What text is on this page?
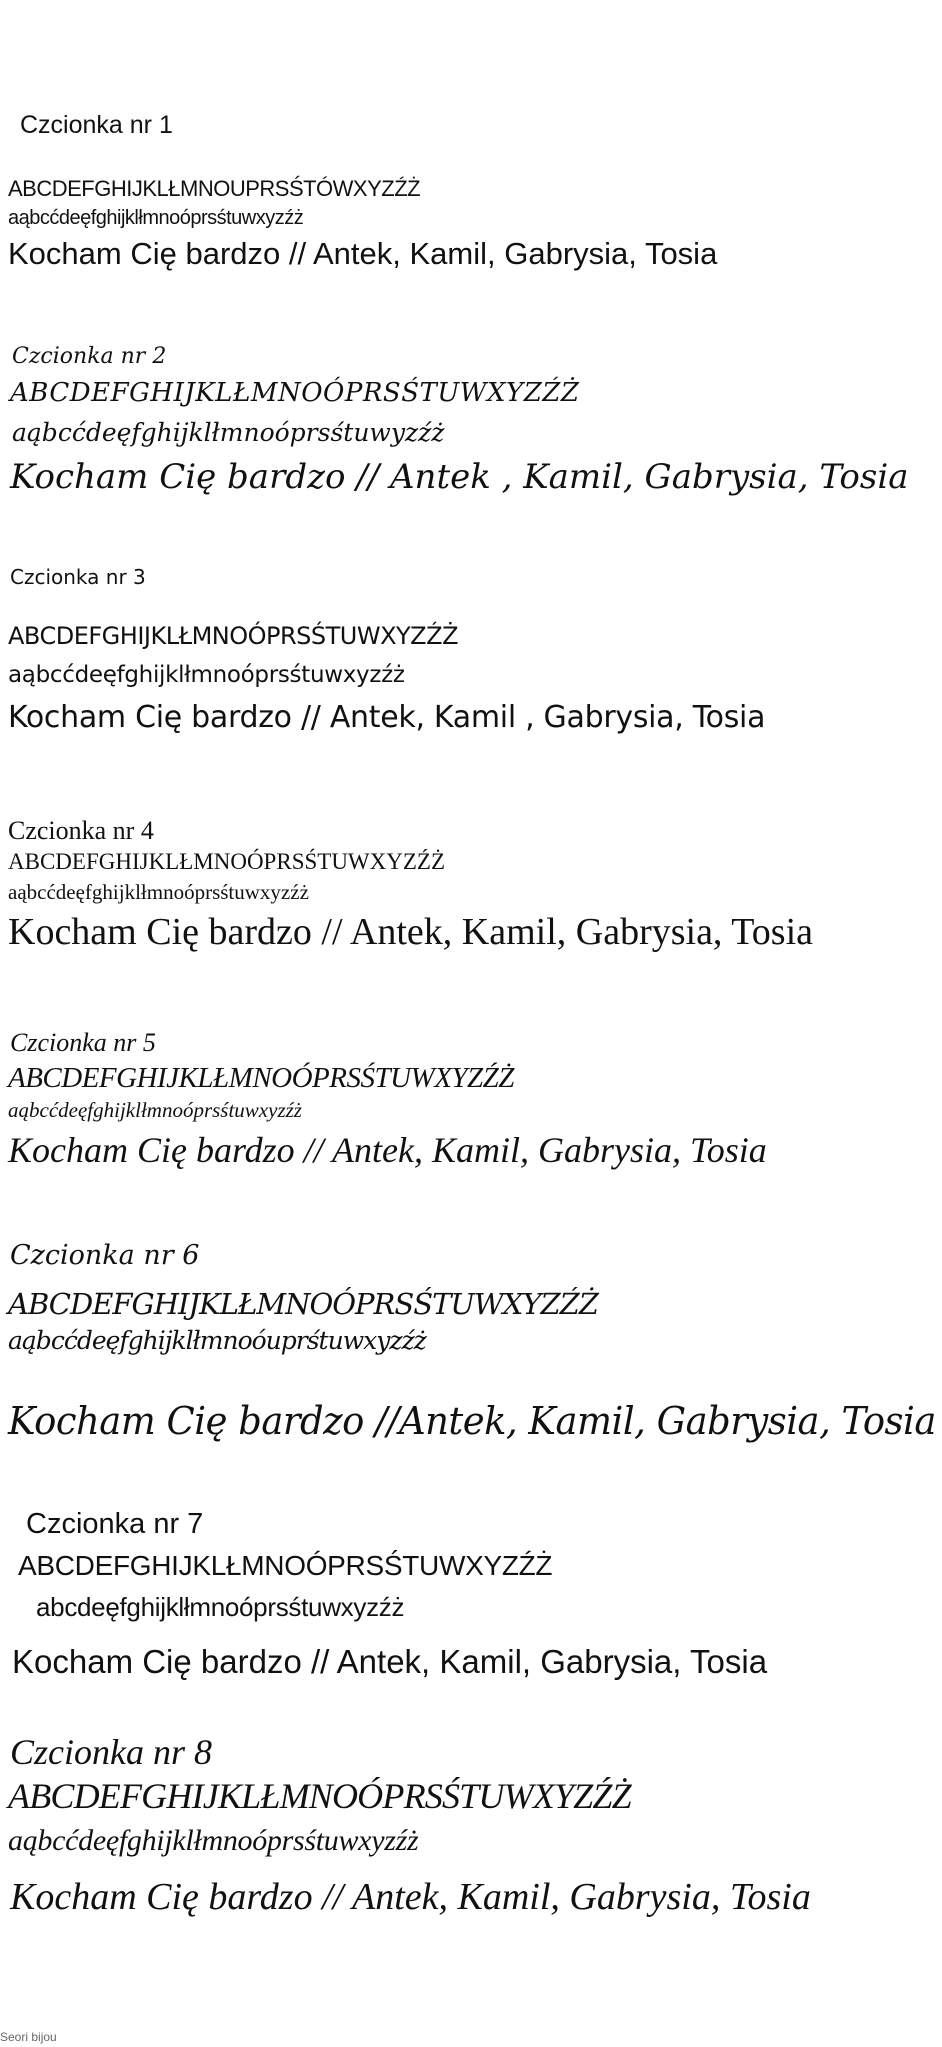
Czcionka nr 1
ABCDEFGHIJKLŁMNOUPRSŚTÓWXYZŹŻ
aąbcćdeęfghijklłmnoóprsśtuwxyzźż
Kocham Cię bardzo // Antek, Kamil, Gabrysia, Tosia
Czcionka nr 2
ABCDEFGHIJKLŁMNOÓPRSŚTUWXYZŹŻ
aąbcćdeęfghijklłmnoóprsśtuwyzźż
Kocham Cię bardzo // Antek , Kamil, Gabrysia, Tosia
Czcionka nr 3
ABCDEFGHIJKLŁMNOÓPRSŚTUWXYZŹŻ
aąbcćdeęfghijklłmnoóprsśtuwxyzźż
Kocham Cię bardzo // Antek, Kamil , Gabrysia, Tosia
Czcionka nr 4
ABCDEFGHIJKLŁMNOÓPRSŚTUWXYZŹŻ
aąbcćdeęfghijklłmnoóprsśtuwxyzźż
Kocham Cię bardzo // Antek, Kamil, Gabrysia, Tosia
Czcionka nr 5
ABCDEFGHIJKLŁMNOÓPRSŚTUWXYZŹŻ
aąbcćdeęfghijklłmnoóprsśtuwxyzźż
Kocham Cię bardzo // Antek, Kamil, Gabrysia, Tosia
Czcionka nr 6
ABCDEFGHIJKLŁMNOÓPRSŚTUWXYZŹŻ
aąbcćdeęfghijklłmnoóuprśtuwxyzźż
Kocham Cię bardzo //Antek, Kamil, Gabrysia, Tosia
Czcionka nr 7
ABCDEFGHIJKLŁMNOÓPRSŚTUWXYZŹŻ
abcdeęfghijklłmnoóprsśtuwxyzźż
Kocham Cię bardzo // Antek, Kamil, Gabrysia, Tosia
Czcionka nr 8
ABCDEFGHIJKLŁMNOÓPRSŚTUWXYZŹŻ
aąbcćdeęfghijklłmnoóprsśtuwxyzźż
Kocham Cię bardzo // Antek, Kamil, Gabrysia, Tosia
Seori bijou
